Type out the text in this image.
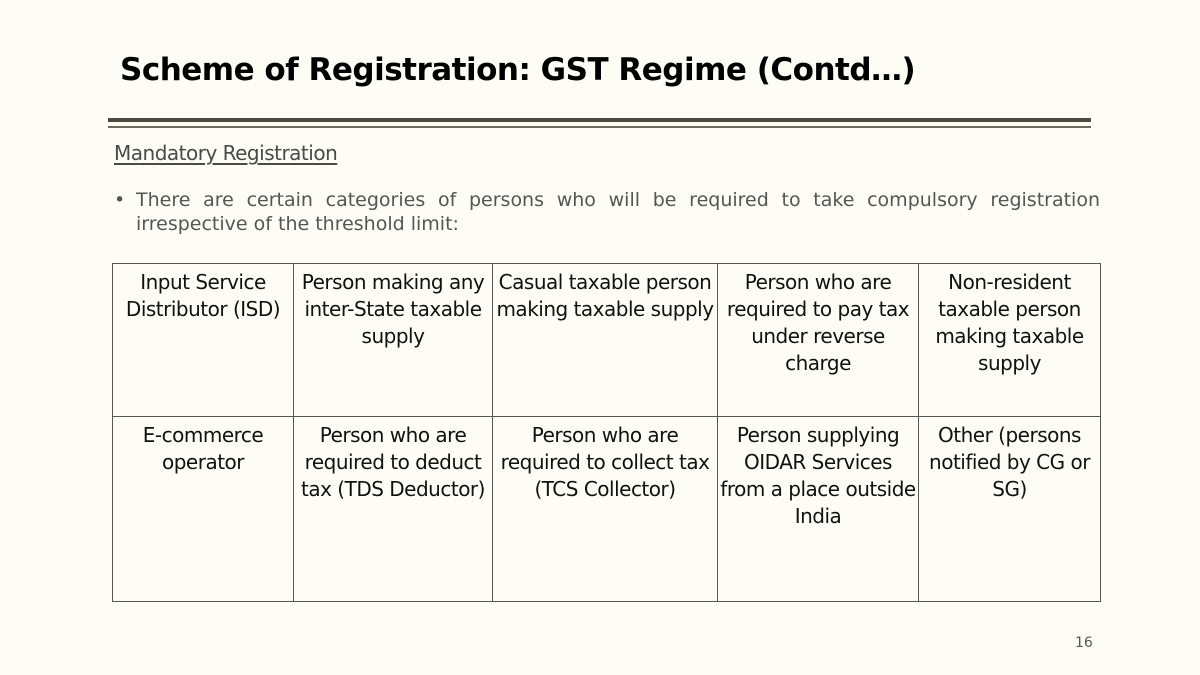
Scheme of Registration: GST Regime (Contd…)
Mandatory Registration
• There are certain categories of persons who will be required to take compulsory registration irrespective of the threshold limit:
Input Service Distributor (ISD)	Person making any inter-State taxable supply	Casual taxable person making taxable supply	Person who are required to pay tax under reverse charge	Non-resident taxable person making taxable supply
E-commerce operator	Person who are required to deduct tax (TDS Deductor)	Person who are required to collect tax (TCS Collector)	Person supplying OIDAR Services from a place outside India	Other (persons notified by CG or SG)
16
